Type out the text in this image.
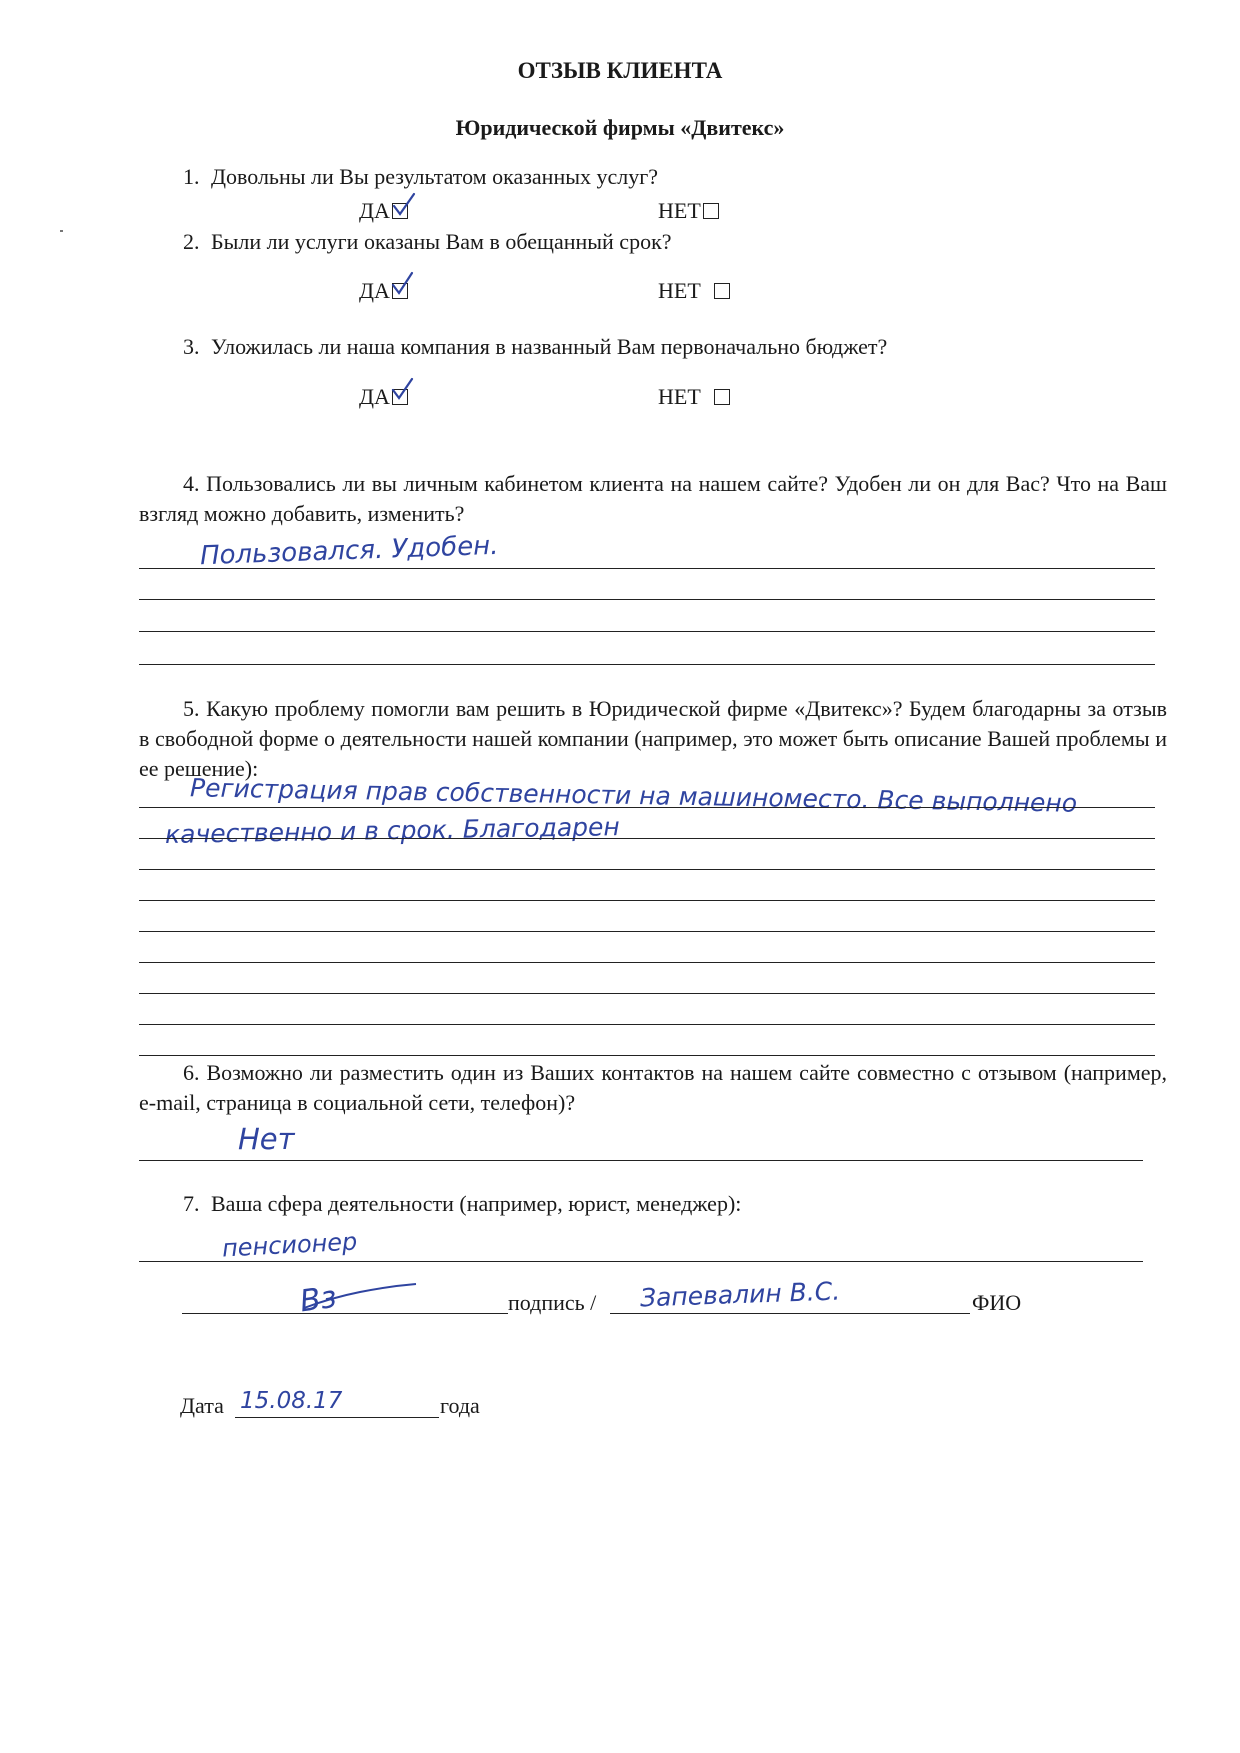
ОТЗЫВ КЛИЕНТА
Юридической фирмы «Двитекс»
1. Довольны ли Вы результатом оказанных услуг?
ДА	НЕТ
2. Были ли услуги оказаны Вам в обещанный срок?
ДА	НЕТ
3. Уложилась ли наша компания в названный Вам первоначально бюджет?
ДА	НЕТ
4. Пользовались ли вы личным кабинетом клиента на нашем сайте? Удобен ли он для Вас? Что на Ваш взгляд можно добавить, изменить?
Пользовался. Удобен.
5. Какую проблему помогли вам решить в Юридической фирме «Двитекс»? Будем благодарны за отзыв в свободной форме о деятельности нашей компании (например, это может быть описание Вашей проблемы и ее решение):
Регистрация прав собственности на машиноместо. Все выполнено
качественно и в срок. Благодарен
6. Возможно ли разместить один из Ваших контактов на нашем сайте совместно с отзывом (например, e-mail, страница в социальной сети, телефон)?
Нет
7. Ваша сфера деятельности (например, юрист, менеджер):
пенсионер
Вз	подпись / Запевалин В.С.	ФИО
Дата 15.08.17	года
